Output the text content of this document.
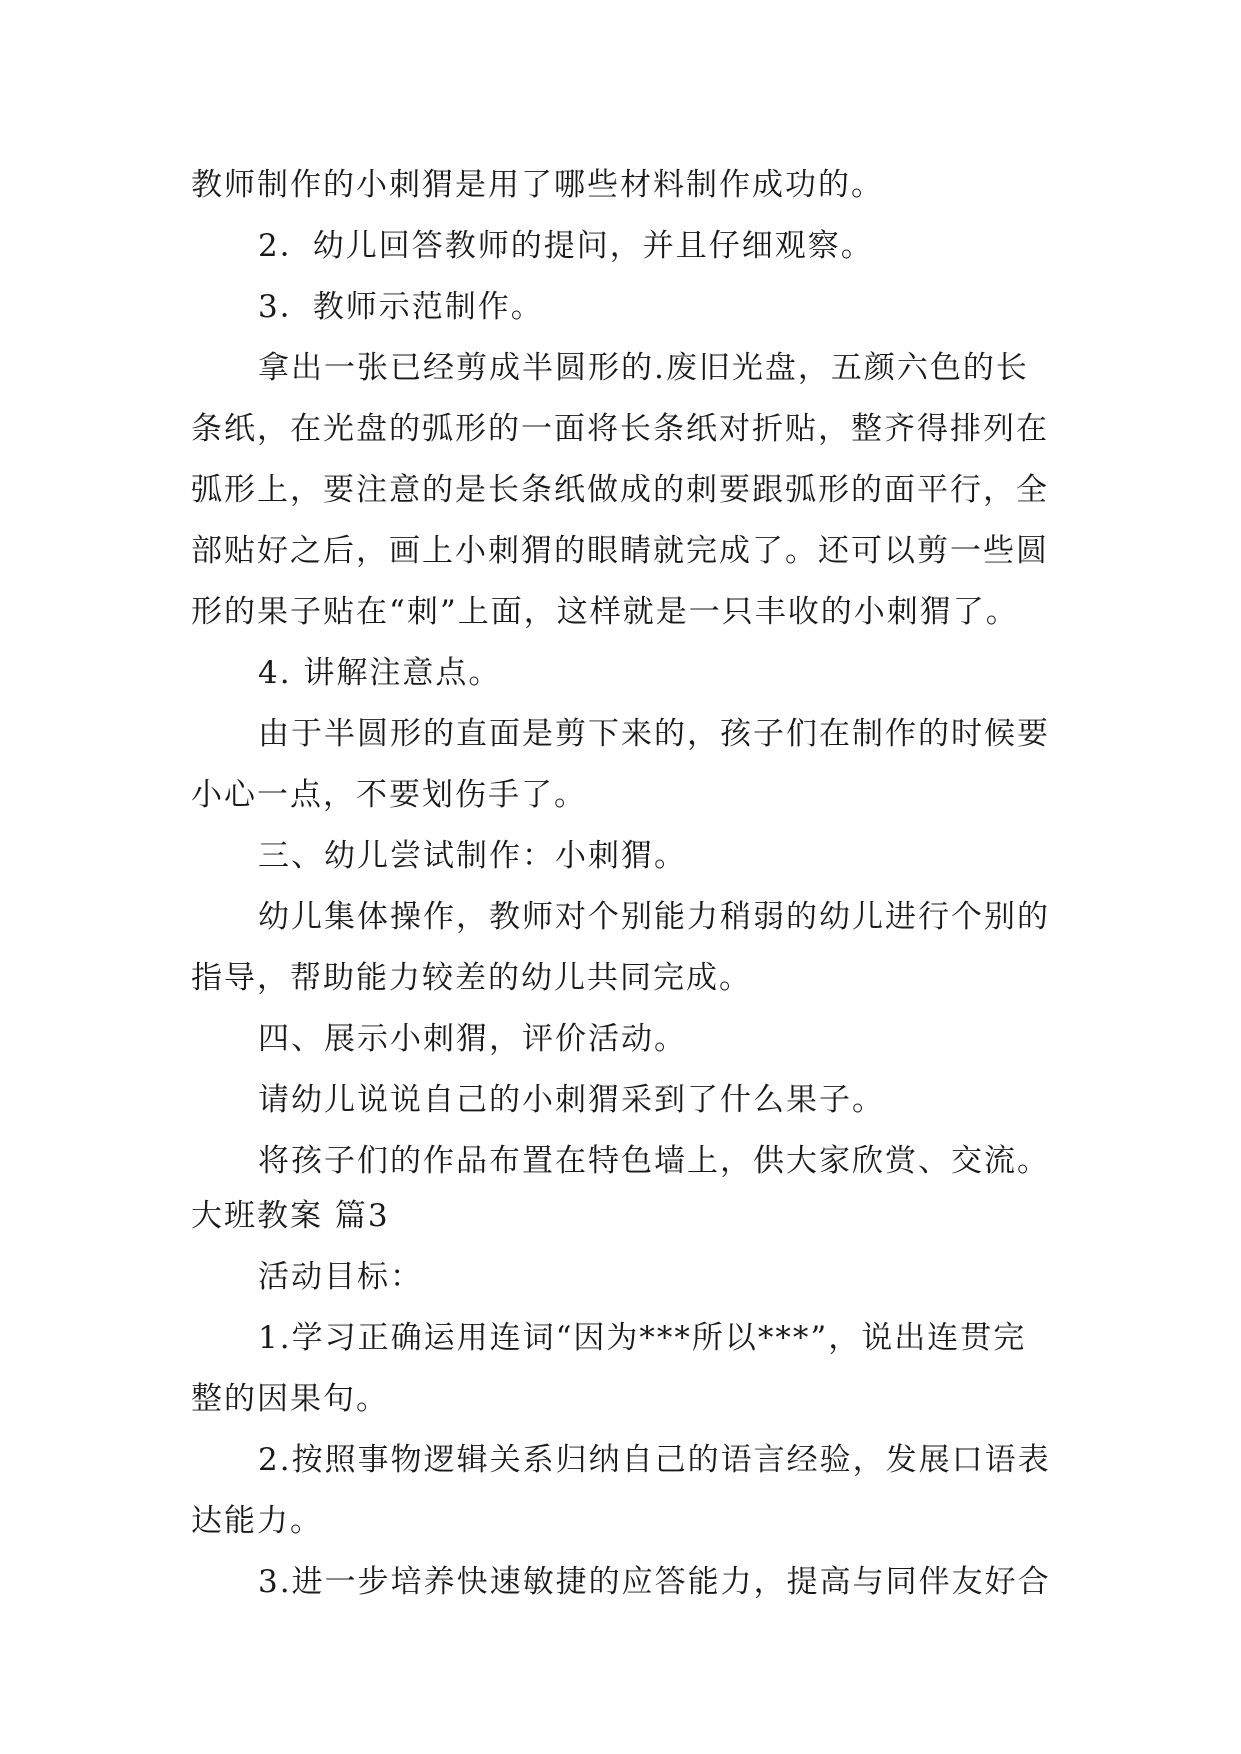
教师制作的小刺猬是用了哪些材料制作成功的。
2．幼儿回答教师的提问，并且仔细观察。
3．教师示范制作。
拿出一张已经剪成半圆形的.废旧光盘，五颜六色的长
条纸，在光盘的弧形的一面将长条纸对折贴，整齐得排列在
弧形上，要注意的是长条纸做成的刺要跟弧形的面平行，全
部贴好之后，画上小刺猬的眼睛就完成了。还可以剪一些圆
形的果子贴在“刺”上面，这样就是一只丰收的小刺猬了。
4. 讲解注意点。
由于半圆形的直面是剪下来的，孩子们在制作的时候要
小心一点，不要划伤手了。
三、幼儿尝试制作：小刺猬。
幼儿集体操作，教师对个别能力稍弱的幼儿进行个别的
指导，帮助能力较差的幼儿共同完成。
四、展示小刺猬，评价活动。
请幼儿说说自己的小刺猬采到了什么果子。
将孩子们的作品布置在特色墙上，供大家欣赏、交流。
大班教案 篇3
活动目标：
1.学习正确运用连词“因为***所以***”，说出连贯完
整的因果句。
2.按照事物逻辑关系归纳自己的语言经验，发展口语表
达能力。
3.进一步培养快速敏捷的应答能力，提高与同伴友好合
